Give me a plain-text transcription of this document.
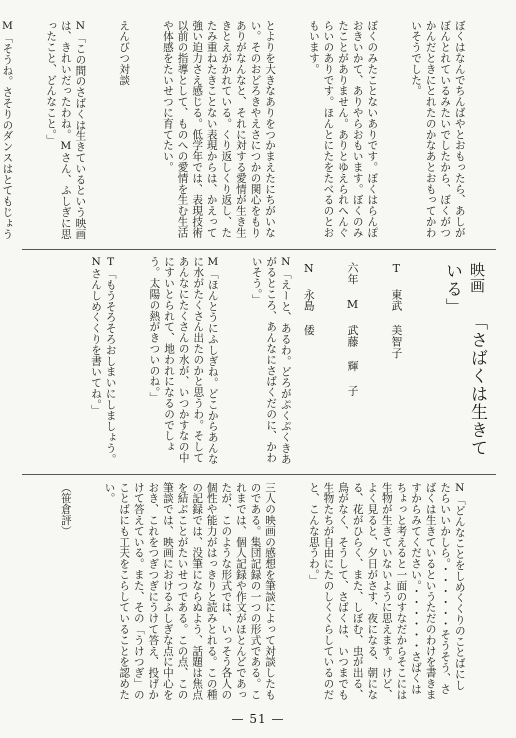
ぼくはなんでちんばやとおもったら、あしがぼんとれているみたいでしたから、ぼくがつかんだときにとれたのかなあとおもってかわいそうでした。

ぼくのみたことないありです。ぼくはらんぽおきいかて、ありやらおもいます。ぼくのみたことがありません。ありとゆえられへんぐらいのありです。ほんとにたをたべるのとおもいます。

とよりを大きなありをつかまえたにちがいない。そのおどろきやえさにつかの関心をもりありがなんなと、それに対する愛情が生き生きとえがかれている。くり返しくり返し、たたみ重ねたきことない表現からは、かえって強い迫力さえ感じる。低学年では、表現技術以前の指導として、ものへの愛情を生む生活や体感をたいせつに育てたい。

えんびつ対談

N「この間のさばくは生きているという映画は、きれいだったわね。Mさん、ふしぎに思ったこと、どんなこと。」

M「そうね。さそりのダンスはとてもじょう

N「えーと、あるわ。どろがぷくぷくきあがるところ、あんなにさばくだのに、かわいそう。」

M「ほんとうにふしぎね。どこからあんなに水がたくさん出たのかと思うわ。そしてあんなにたくさんの水が、いつかすなの中にすいとられて、地われになるのでしょう。太陽の熱がきついのね。」

T「もうそろそろおしまいにしましょう。Nさんしめくくりを書いてね。」

	映画 「さばくは生きている」

T 東武 美智子

六年 M 武藤 輝 子

N 永島 倭

N「どんなことをしめくくりのことばにしたらいいかしら。・・・・・・そうそう、さばくは生きているというただのわけを書きますからみてください。・・・・・・さばくはちょっと考えると一面のすなだからそこには生物が生きていないように思えます。けど、よく見ると、夕日がさす、夜になる、朝になる、花がひらく、また、しぼむ、虫が出る、鳥がなく、そうして、さばくは、いつまでも生物たちが自由にたのしくくらしているのだと、こんな思うわ。」

三人の映画の感想を筆談によって対談したものである。集団記録の一つの形式である。これまでは、個人記録や作文がほとんどであったが、このような形式では、いっそう各人の個性や能力がはっきりと読みとれる。この種の記録では、没筆にならぬよう、話題は焦点を結ぶことがたいせつである。この点、この筆談では、映画におけるふしぎな点に中心をおき、これをつぎつぎにうけて答え、投げかけて答えている。また、その「うけつぎ」のことばにも工夫をこらしていることを認めたい。

（笹倉評）

— 51 —
